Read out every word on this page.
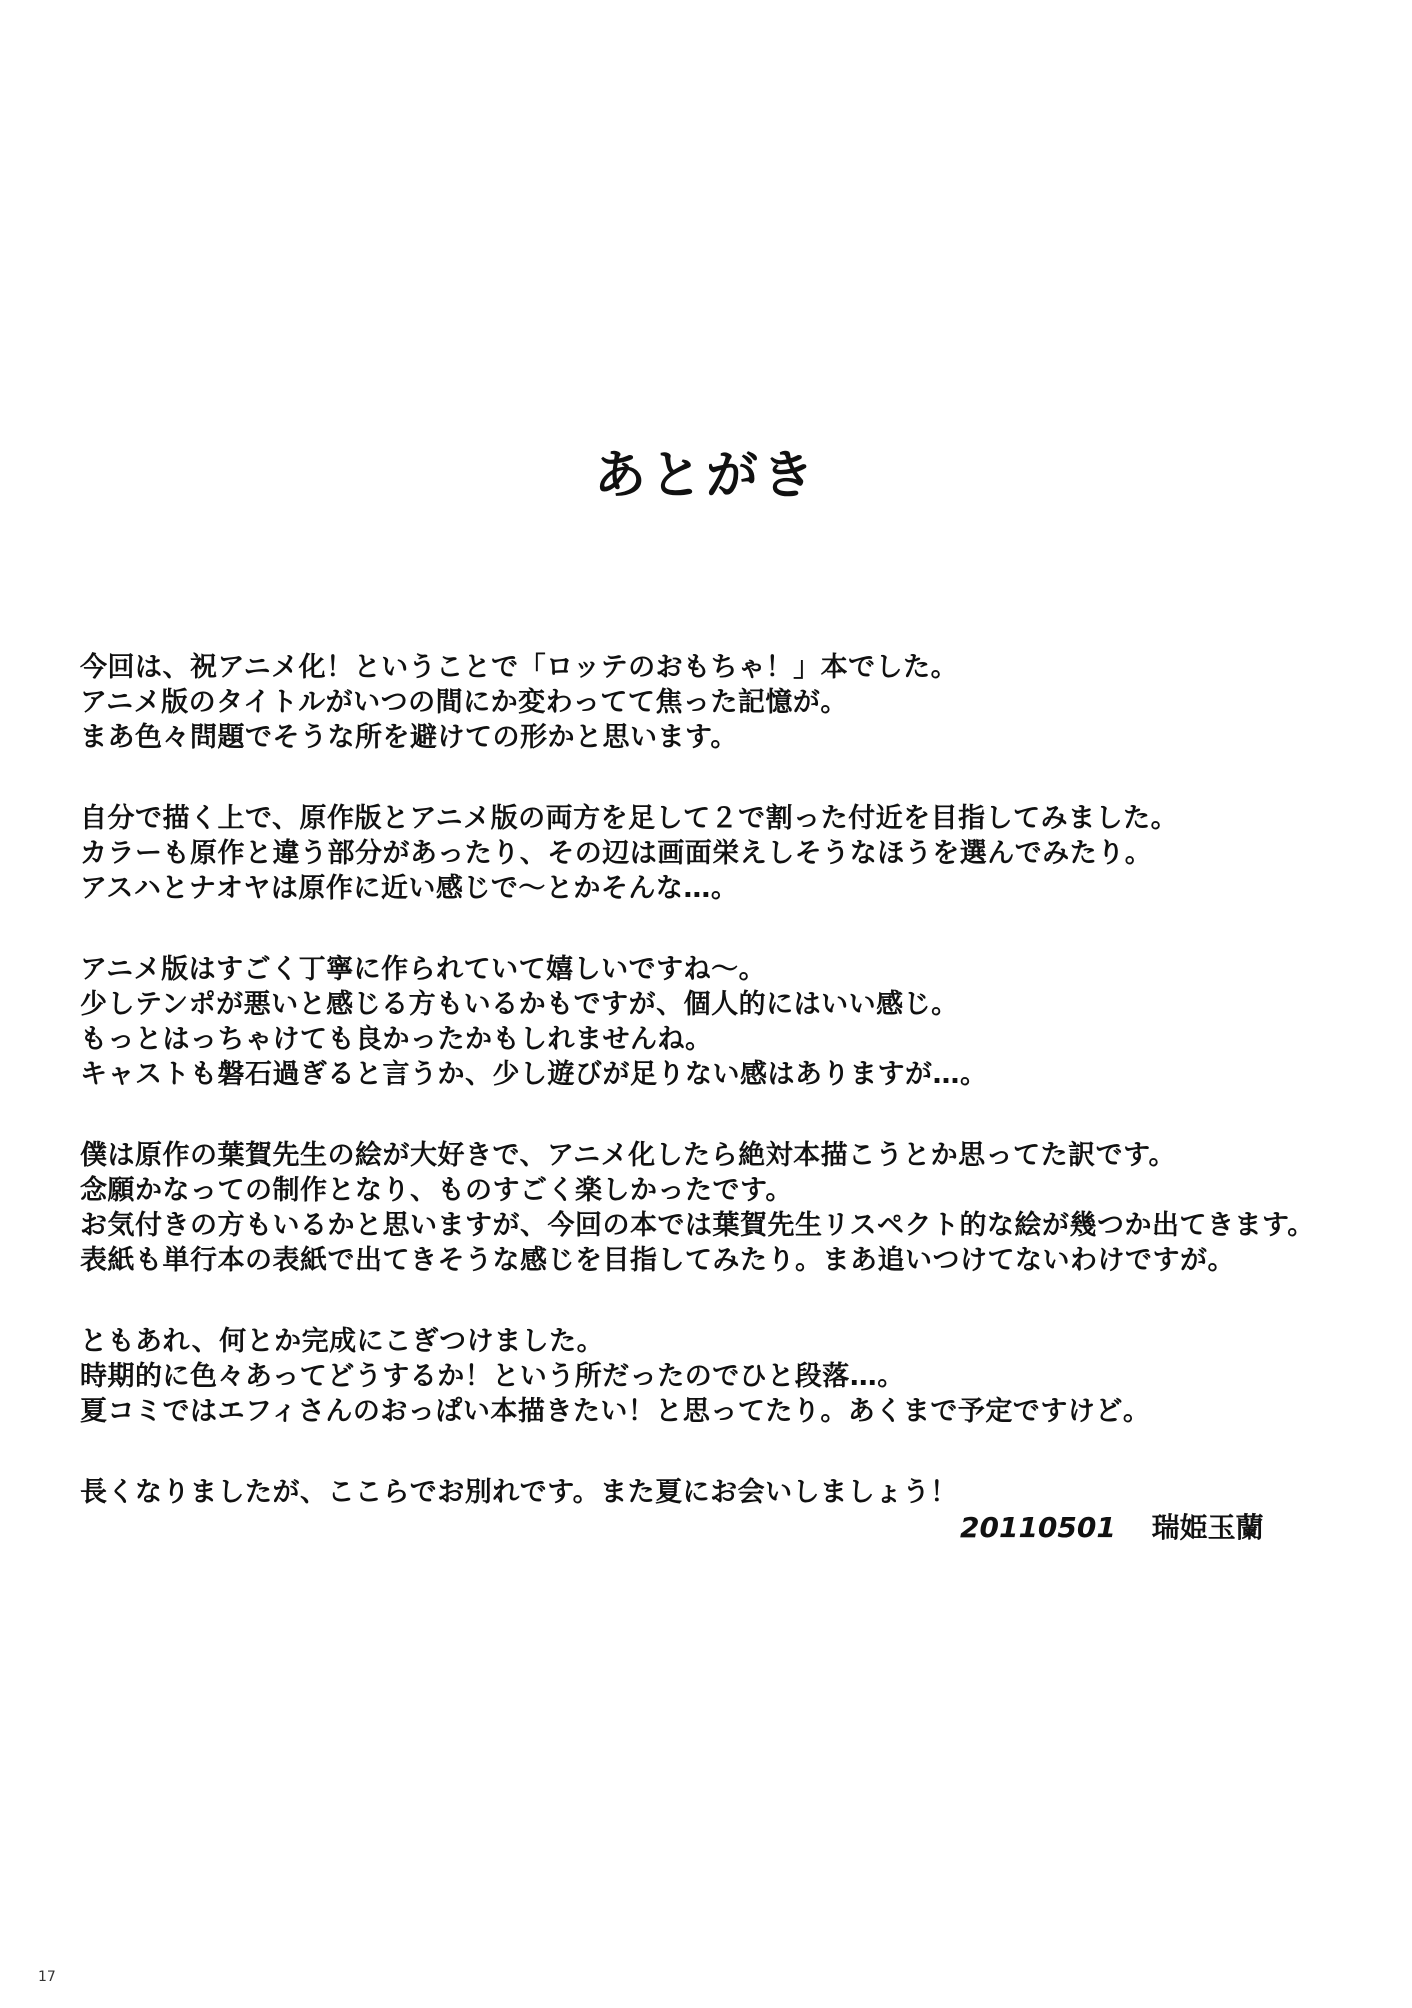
あとがき
今回は、祝アニメ化！ということで「ロッテのおもちゃ！」本でした。
アニメ版のタイトルがいつの間にか変わってて焦った記憶が。
まあ色々問題でそうな所を避けての形かと思います。
自分で描く上で、原作版とアニメ版の両方を足して２で割った付近を目指してみました。
カラーも原作と違う部分があったり、その辺は画面栄えしそうなほうを選んでみたり。
アスハとナオヤは原作に近い感じで〜とかそんな…。
アニメ版はすごく丁寧に作られていて嬉しいですね〜。
少しテンポが悪いと感じる方もいるかもですが、個人的にはいい感じ。
もっとはっちゃけても良かったかもしれませんね。
キャストも磐石過ぎると言うか、少し遊びが足りない感はありますが…。
僕は原作の葉賀先生の絵が大好きで、アニメ化したら絶対本描こうとか思ってた訳です。
念願かなっての制作となり、ものすごく楽しかったです。
お気付きの方もいるかと思いますが、今回の本では葉賀先生リスペクト的な絵が幾つか出てきます。
表紙も単行本の表紙で出てきそうな感じを目指してみたり。まあ追いつけてないわけですが。
ともあれ、何とか完成にこぎつけました。
時期的に色々あってどうするか！という所だったのでひと段落…。
夏コミではエフィさんのおっぱい本描きたい！と思ってたり。あくまで予定ですけど。
長くなりましたが、ここらでお別れです。また夏にお会いしましょう！
20110501 瑞姫玉蘭
17
